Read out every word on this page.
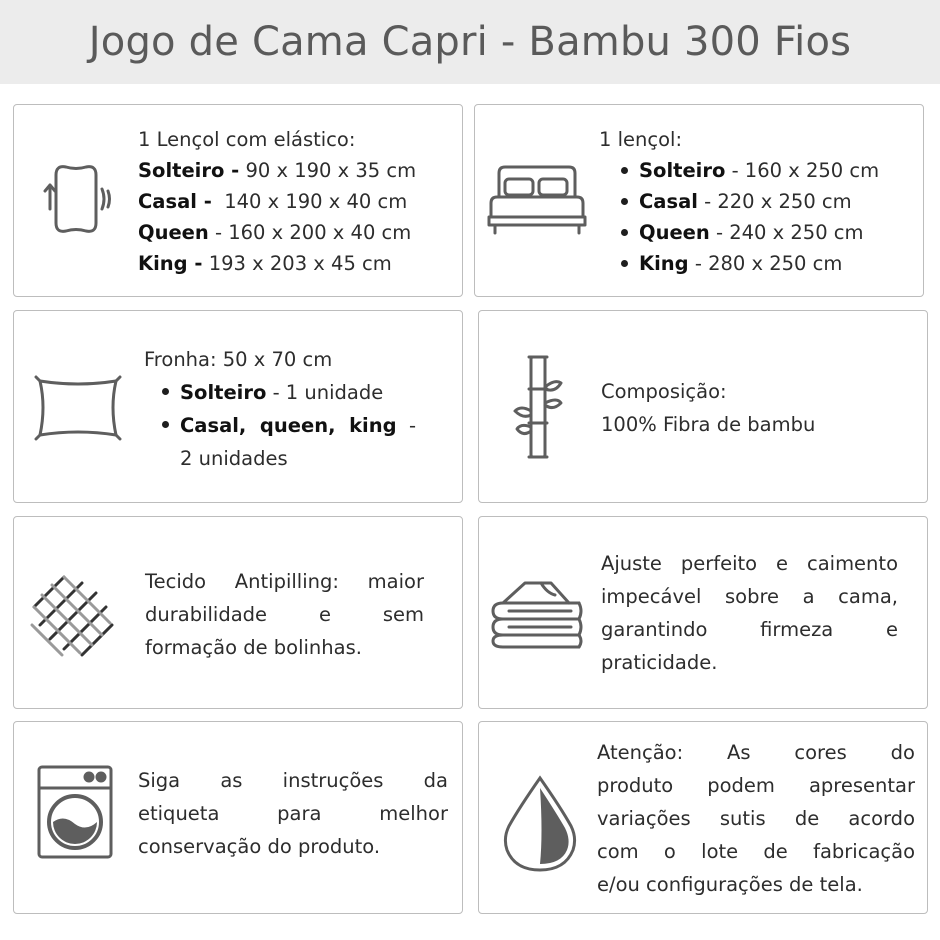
Jogo de Cama Capri - Bambu 300 Fios
1 Lençol com elástico:
Solteiro - 90 x 190 x 35 cm
Casal -  140 x 190 x 40 cm
Queen - 160 x 200 x 40 cm
King - 193 x 203 x 45 cm
1 lençol:
Solteiro - 160 x 250 cm
Casal - 220 x 250 cm
Queen - 240 x 250 cm
King - 280 x 250 cm
Fronha: 50 x 70 cm
Solteiro - 1 unidade
Casal,  queen,  king  -
2 unidades
Composição:
100% Fibra de bambu
Tecido Antipilling: maior
durabilidade e sem
formação de bolinhas.
Ajuste perfeito e caimento
impecável sobre a cama,
garantindo firmeza e
praticidade.
Siga as instruções da
etiqueta para melhor
conservação do produto.
Atenção: As cores do
produto podem apresentar
variações sutis de acordo
com o lote de fabricação
e/ou configurações de tela.
